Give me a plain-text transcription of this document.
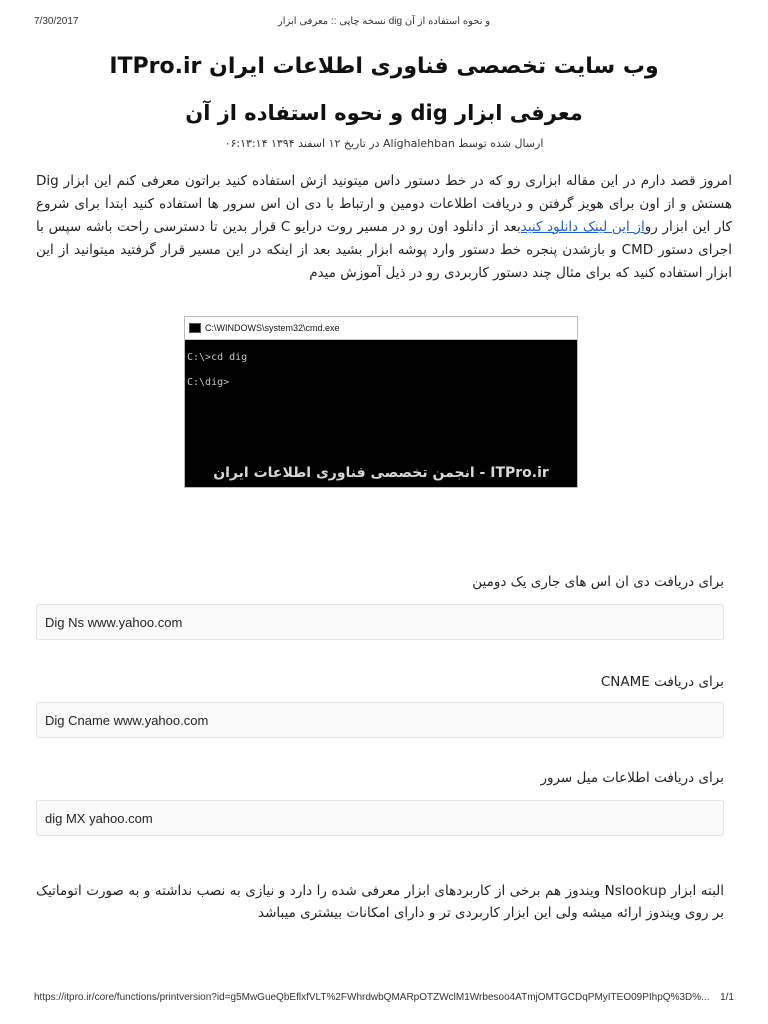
7/30/2017	و نحوه استفاده از آن dig نسخه چاپی :: معرفی ابزار
وب سایت تخصصی فناوری اطلاعات ایران ITPro.ir
معرفی ابزار dig و نحوه استفاده از آن
ارسال شده توسط Alighalehban در تاریخ ۱۲ اسفند ۱۳۹۴ ۰۶:۱۳:۱۴

امروز قصد دارم در این مقاله ابزاری رو که در خط دستور داس میتونید ازش استفاده کنید براتون معرفی کنم این ابزار Dig هستش و از اون برای هویز گرفتن و دریافت اطلاعات دومین و ارتباط با دی ان اس سرور ها استفاده کنید ابتدا برای شروع کار این ابزار رواز این لینک دانلود کنیدبعد از دانلود اون رو در مسیر روت درایو C قرار بدین تا دسترسی راحت باشه سپس با اجرای دستور CMD و بازشدن پنجره خط دستور وارد پوشه ابزار بشید بعد از اینکه در این مسیر قرار گرفتید میتوانید از این ابزار استفاده کنید که برای مثال چند دستور کاربردی رو در ذیل آموزش میدم

C:\WINDOWS\system32\cmd.exe
C:\>cd dig
C:\dig>
ITPro.ir - انجمن تخصصی فناوری اطلاعات ایران
برای دریافت دی ان اس های جاری یک دومین
Dig Ns www.yahoo.com
برای دریافت CNAME
Dig Cname www.yahoo.com
برای دریافت اطلاعات میل سرور
dig MX yahoo.com

البته ابزار Nslookup ویندوز هم برخی از کاربردهای ابزار معرفی شده را دارد و نیازی به نصب نداشته و به صورت اتوماتیک بر روی ویندوز ارائه میشه ولی این ابزار کاربردی تر و دارای امکانات بیشتری میباشد

https://itpro.ir/core/functions/printversion?id=g5MwGueQbEflxfVLT%2FWhrdwbQMARpOTZWclM1Wrbesoo4ATmjOMTGCDqPMyITEO09PIhpQ%3D%... 1/1
